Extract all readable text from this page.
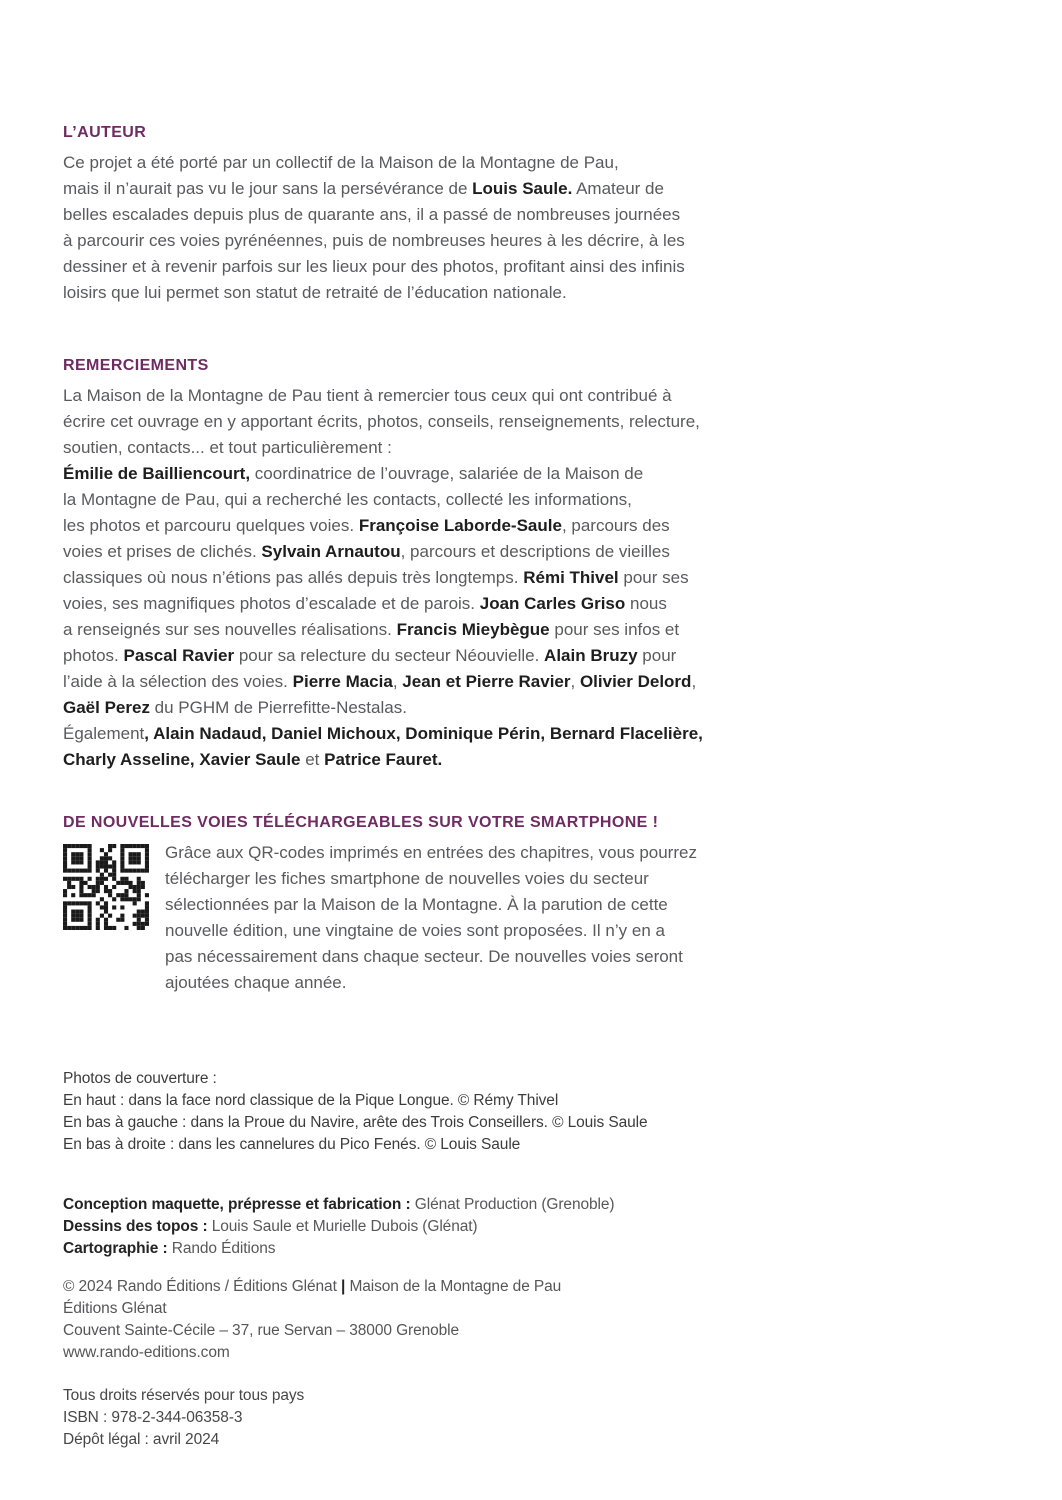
L’AUTEUR
Ce projet a été porté par un collectif de la Maison de la Montagne de Pau,
mais il n’aurait pas vu le jour sans la persévérance de Louis Saule. Amateur de
belles escalades depuis plus de quarante ans, il a passé de nombreuses journées
à parcourir ces voies pyrénéennes, puis de nombreuses heures à les décrire, à les
dessiner et à revenir parfois sur les lieux pour des photos, profitant ainsi des infinis
loisirs que lui permet son statut de retraité de l’éducation nationale.
REMERCIEMENTS
La Maison de la Montagne de Pau tient à remercier tous ceux qui ont contribué à
écrire cet ouvrage en y apportant écrits, photos, conseils, renseignements, relecture,
soutien, contacts... et tout particulièrement :
Émilie de Bailliencourt, coordinatrice de l’ouvrage, salariée de la Maison de
la Montagne de Pau, qui a recherché les contacts, collecté les informations,
les photos et parcouru quelques voies. Françoise Laborde-Saule, parcours des
voies et prises de clichés. Sylvain Arnautou, parcours et descriptions de vieilles
classiques où nous n’étions pas allés depuis très longtemps. Rémi Thivel pour ses
voies, ses magnifiques photos d’escalade et de parois. Joan Carles Griso nous
a renseignés sur ses nouvelles réalisations. Francis Mieybègue pour ses infos et
photos. Pascal Ravier pour sa relecture du secteur Néouvielle. Alain Bruzy pour
l’aide à la sélection des voies. Pierre Macia, Jean et Pierre Ravier, Olivier Delord,
Gaël Perez du PGHM de Pierrefitte-Nestalas.
Également, Alain Nadaud, Daniel Michoux, Dominique Périn, Bernard Flacelière,
Charly Asseline, Xavier Saule et Patrice Fauret.
DE NOUVELLES VOIES TÉLÉCHARGEABLES SUR VOTRE SMARTPHONE !
Grâce aux QR-codes imprimés en entrées des chapitres, vous pourrez
télécharger les fiches smartphone de nouvelles voies du secteur
sélectionnées par la Maison de la Montagne. À la parution de cette
nouvelle édition, une vingtaine de voies sont proposées. Il n’y en a
pas nécessairement dans chaque secteur. De nouvelles voies seront
ajoutées chaque année.
Photos de couverture :
En haut : dans la face nord classique de la Pique Longue. © Rémy Thivel
En bas à gauche : dans la Proue du Navire, arête des Trois Conseillers. © Louis Saule
En bas à droite : dans les cannelures du Pico Fenés. © Louis Saule
Conception maquette, prépresse et fabrication : Glénat Production (Grenoble)
Dessins des topos : Louis Saule et Murielle Dubois (Glénat)
Cartographie : Rando Éditions
© 2024 Rando Éditions / Éditions Glénat | Maison de la Montagne de Pau
Éditions Glénat
Couvent Sainte-Cécile – 37, rue Servan – 38000 Grenoble
www.rando-editions.com
Tous droits réservés pour tous pays
ISBN : 978-2-344-06358-3
Dépôt légal : avril 2024
